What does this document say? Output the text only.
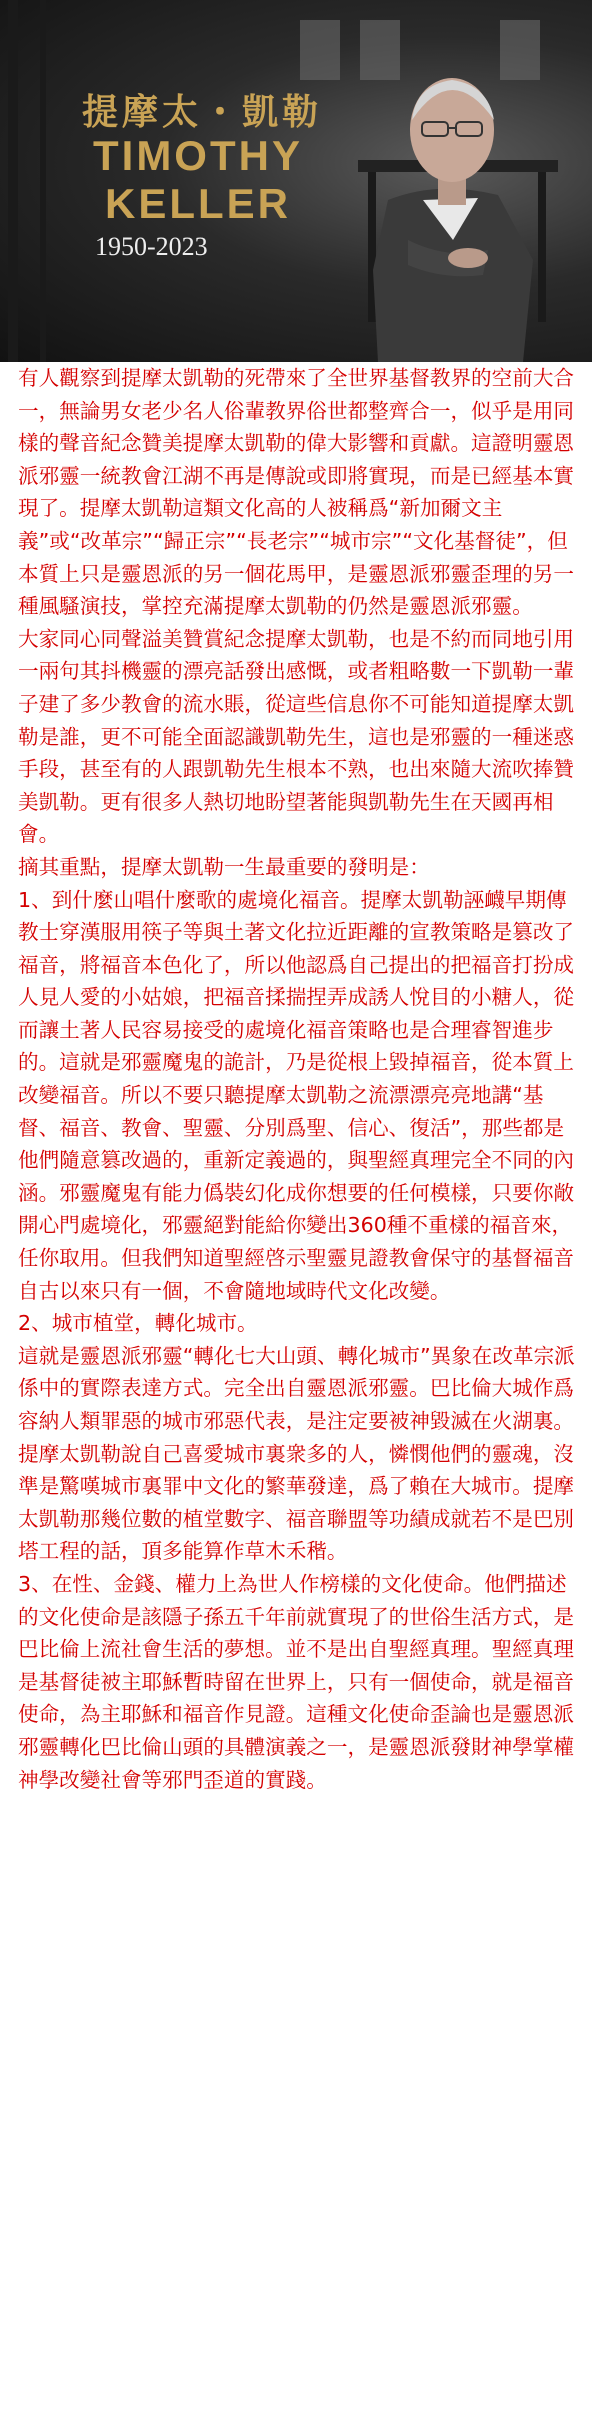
提摩太・凱勒
TIMOTHY
KELLER
1950-2023

有人觀察到提摩太凱勒的死帶來了全世界基督教界的空前大合一，無論男女老少名人俗輩教界俗世都整齊合一，似乎是用同樣的聲音紀念贊美提摩太凱勒的偉大影響和貢獻。這證明靈恩派邪靈一統教會江湖不再是傳說或即將實現，而是已經基本實現了。提摩太凱勒這類文化高的人被稱爲“新加爾文主義”或“改革宗”“歸正宗”“長老宗”“城市宗”“文化基督徒”，但本質上只是靈恩派的另一個花馬甲，是靈恩派邪靈歪理的另一種風騷演技，掌控充滿提摩太凱勒的仍然是靈恩派邪靈。

大家同心同聲溢美贊賞紀念提摩太凱勒，也是不約而同地引用一兩句其抖機靈的漂亮話發出感慨，或者粗略數一下凱勒一輩子建了多少教會的流水賬，從這些信息你不可能知道提摩太凱勒是誰，更不可能全面認識凱勒先生，這也是邪靈的一種迷惑手段，甚至有的人跟凱勒先生根本不熟，也出來隨大流吹捧贊美凱勒。更有很多人熱切地盼望著能與凱勒先生在天國再相會。

摘其重點，提摩太凱勒一生最重要的發明是：

1、到什麼山唱什麼歌的處境化福音。提摩太凱勒誣衊早期傳教士穿漢服用筷子等與土著文化拉近距離的宣教策略是篡改了福音，將福音本色化了，所以他認爲自己提出的把福音打扮成人見人愛的小姑娘，把福音揉揣捏弄成誘人悅目的小糖人，從而讓土著人民容易接受的處境化福音策略也是合理睿智進步的。這就是邪靈魔鬼的詭計，乃是從根上毀掉福音，從本質上改變福音。所以不要只聽提摩太凱勒之流漂漂亮亮地講“基督、福音、教會、聖靈、分別爲聖、信心、復活”，那些都是他們隨意篡改過的，重新定義過的，與聖經真理完全不同的內涵。邪靈魔鬼有能力僞裝幻化成你想要的任何模樣，只要你敞開心門處境化，邪靈絕對能給你變出360種不重樣的福音來，任你取用。但我們知道聖經啓示聖靈見證教會保守的基督福音自古以來只有一個，不會隨地域時代文化改變。

2、城市植堂，轉化城市。

這就是靈恩派邪靈“轉化七大山頭、轉化城市”異象在改革宗派係中的實際表達方式。完全出自靈恩派邪靈。巴比倫大城作爲容納人類罪惡的城市邪惡代表，是注定要被神毀滅在火湖裏。提摩太凱勒說自己喜愛城市裏衆多的人，憐憫他們的靈魂，沒準是驚嘆城市裏罪中文化的繁華發達，爲了賴在大城市。提摩太凱勒那幾位數的植堂數字、福音聯盟等功績成就若不是巴別塔工程的話，頂多能算作草木禾稭。

3、在性、金錢、權力上為世人作榜樣的文化使命。他們描述的文化使命是該隱子孫五千年前就實現了的世俗生活方式，是巴比倫上流社會生活的夢想。並不是出自聖經真理。聖經真理是基督徒被主耶穌暫時留在世界上，只有一個使命，就是福音使命，為主耶穌和福音作見證。這種文化使命歪論也是靈恩派邪靈轉化巴比倫山頭的具體演義之一，是靈恩派發財神學掌權神學改變社會等邪門歪道的實踐。
